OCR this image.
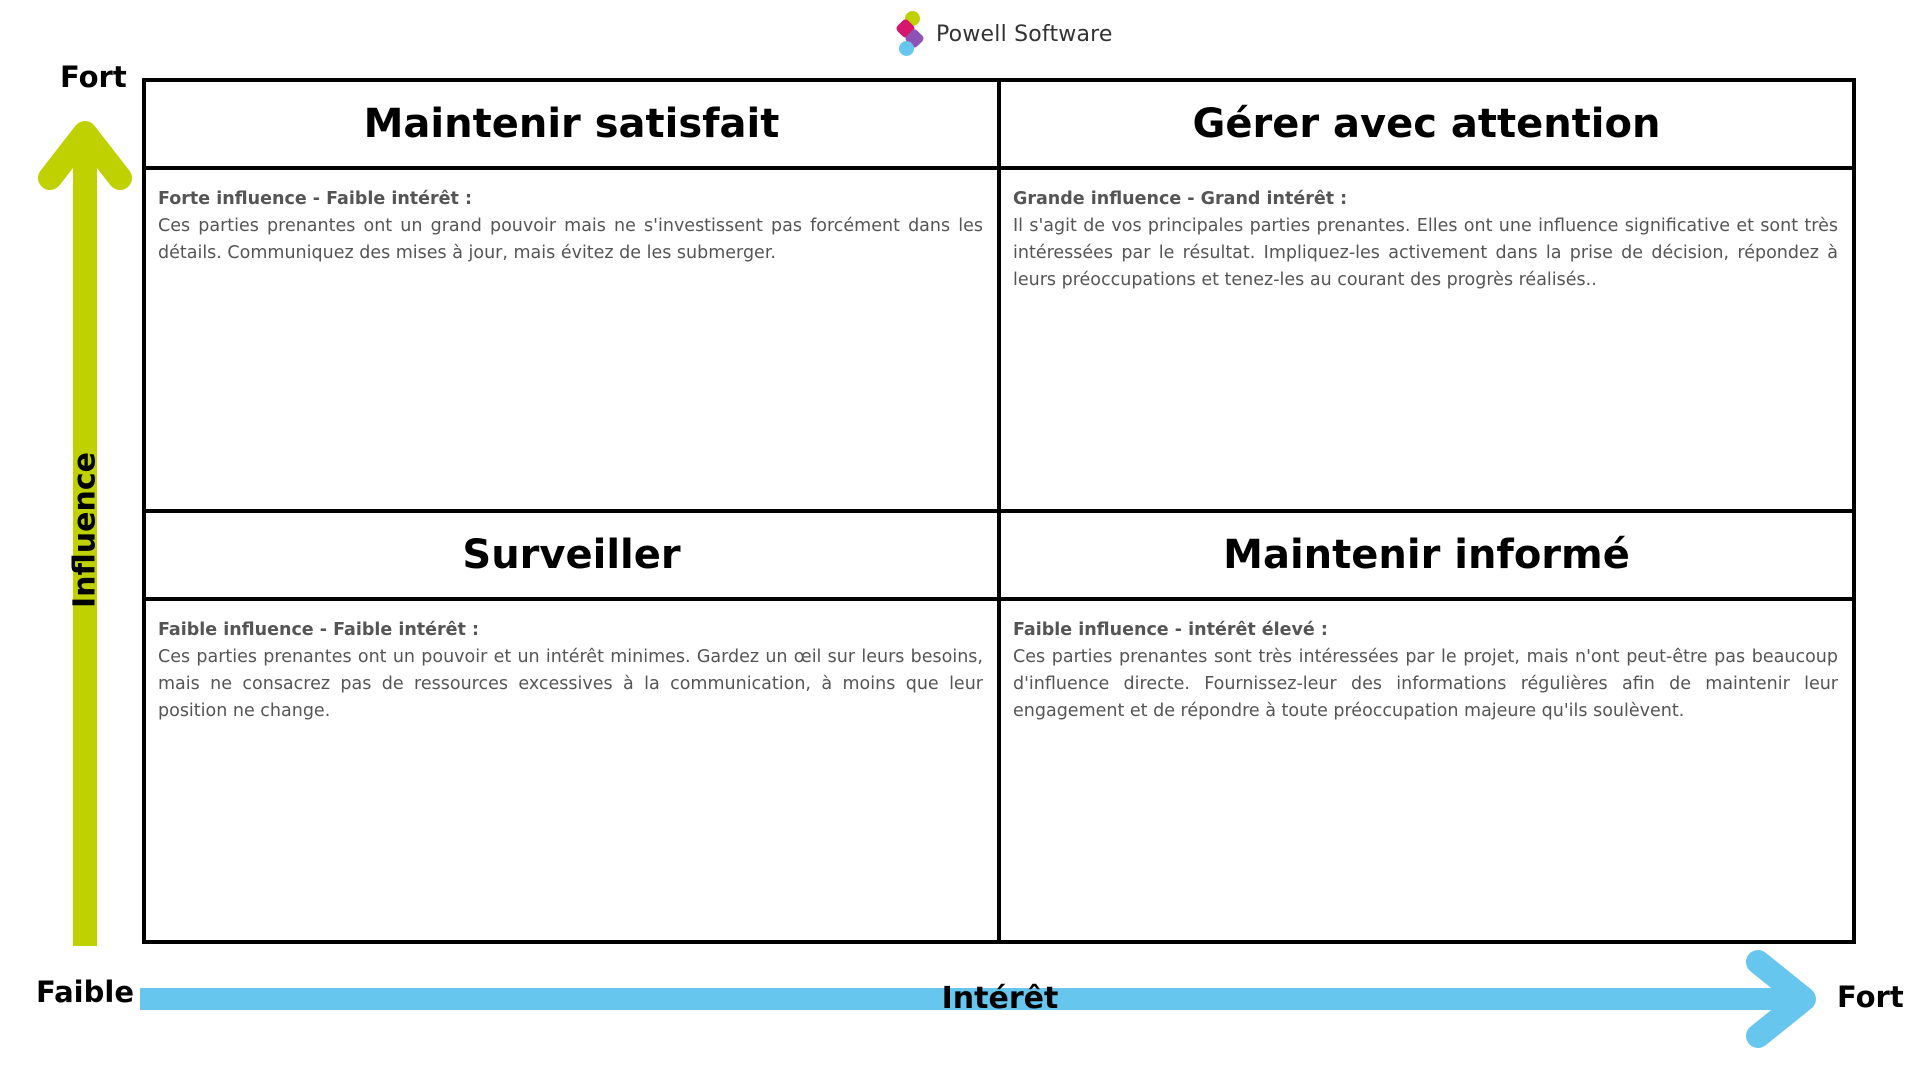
Powell Software
Fort
Faible	Fort
Intérêt
Influence
Maintenir satisfait
Forte influence - Faible intérêt :
Ces parties prenantes ont un grand pouvoir mais ne s'investissent pas forcément dans les détails. Communiquez des mises à jour, mais évitez de les submerger.
Gérer avec attention
Grande influence - Grand intérêt :
Il s'agit de vos principales parties prenantes. Elles ont une influence significative et sont très intéressées par le résultat. Impliquez-les activement dans la prise de décision, répondez à leurs préoccupations et tenez-les au courant des progrès réalisés..
Surveiller
Faible influence - Faible intérêt :
Ces parties prenantes ont un pouvoir et un intérêt minimes. Gardez un œil sur leurs besoins, mais ne consacrez pas de ressources excessives à la communication, à moins que leur position ne change.
Maintenir informé
Faible influence - intérêt élevé :
Ces parties prenantes sont très intéressées par le projet, mais n'ont peut-être pas beaucoup d'influence directe. Fournissez-leur des informations régulières afin de maintenir leur engagement et de répondre à toute préoccupation majeure qu'ils soulèvent.
